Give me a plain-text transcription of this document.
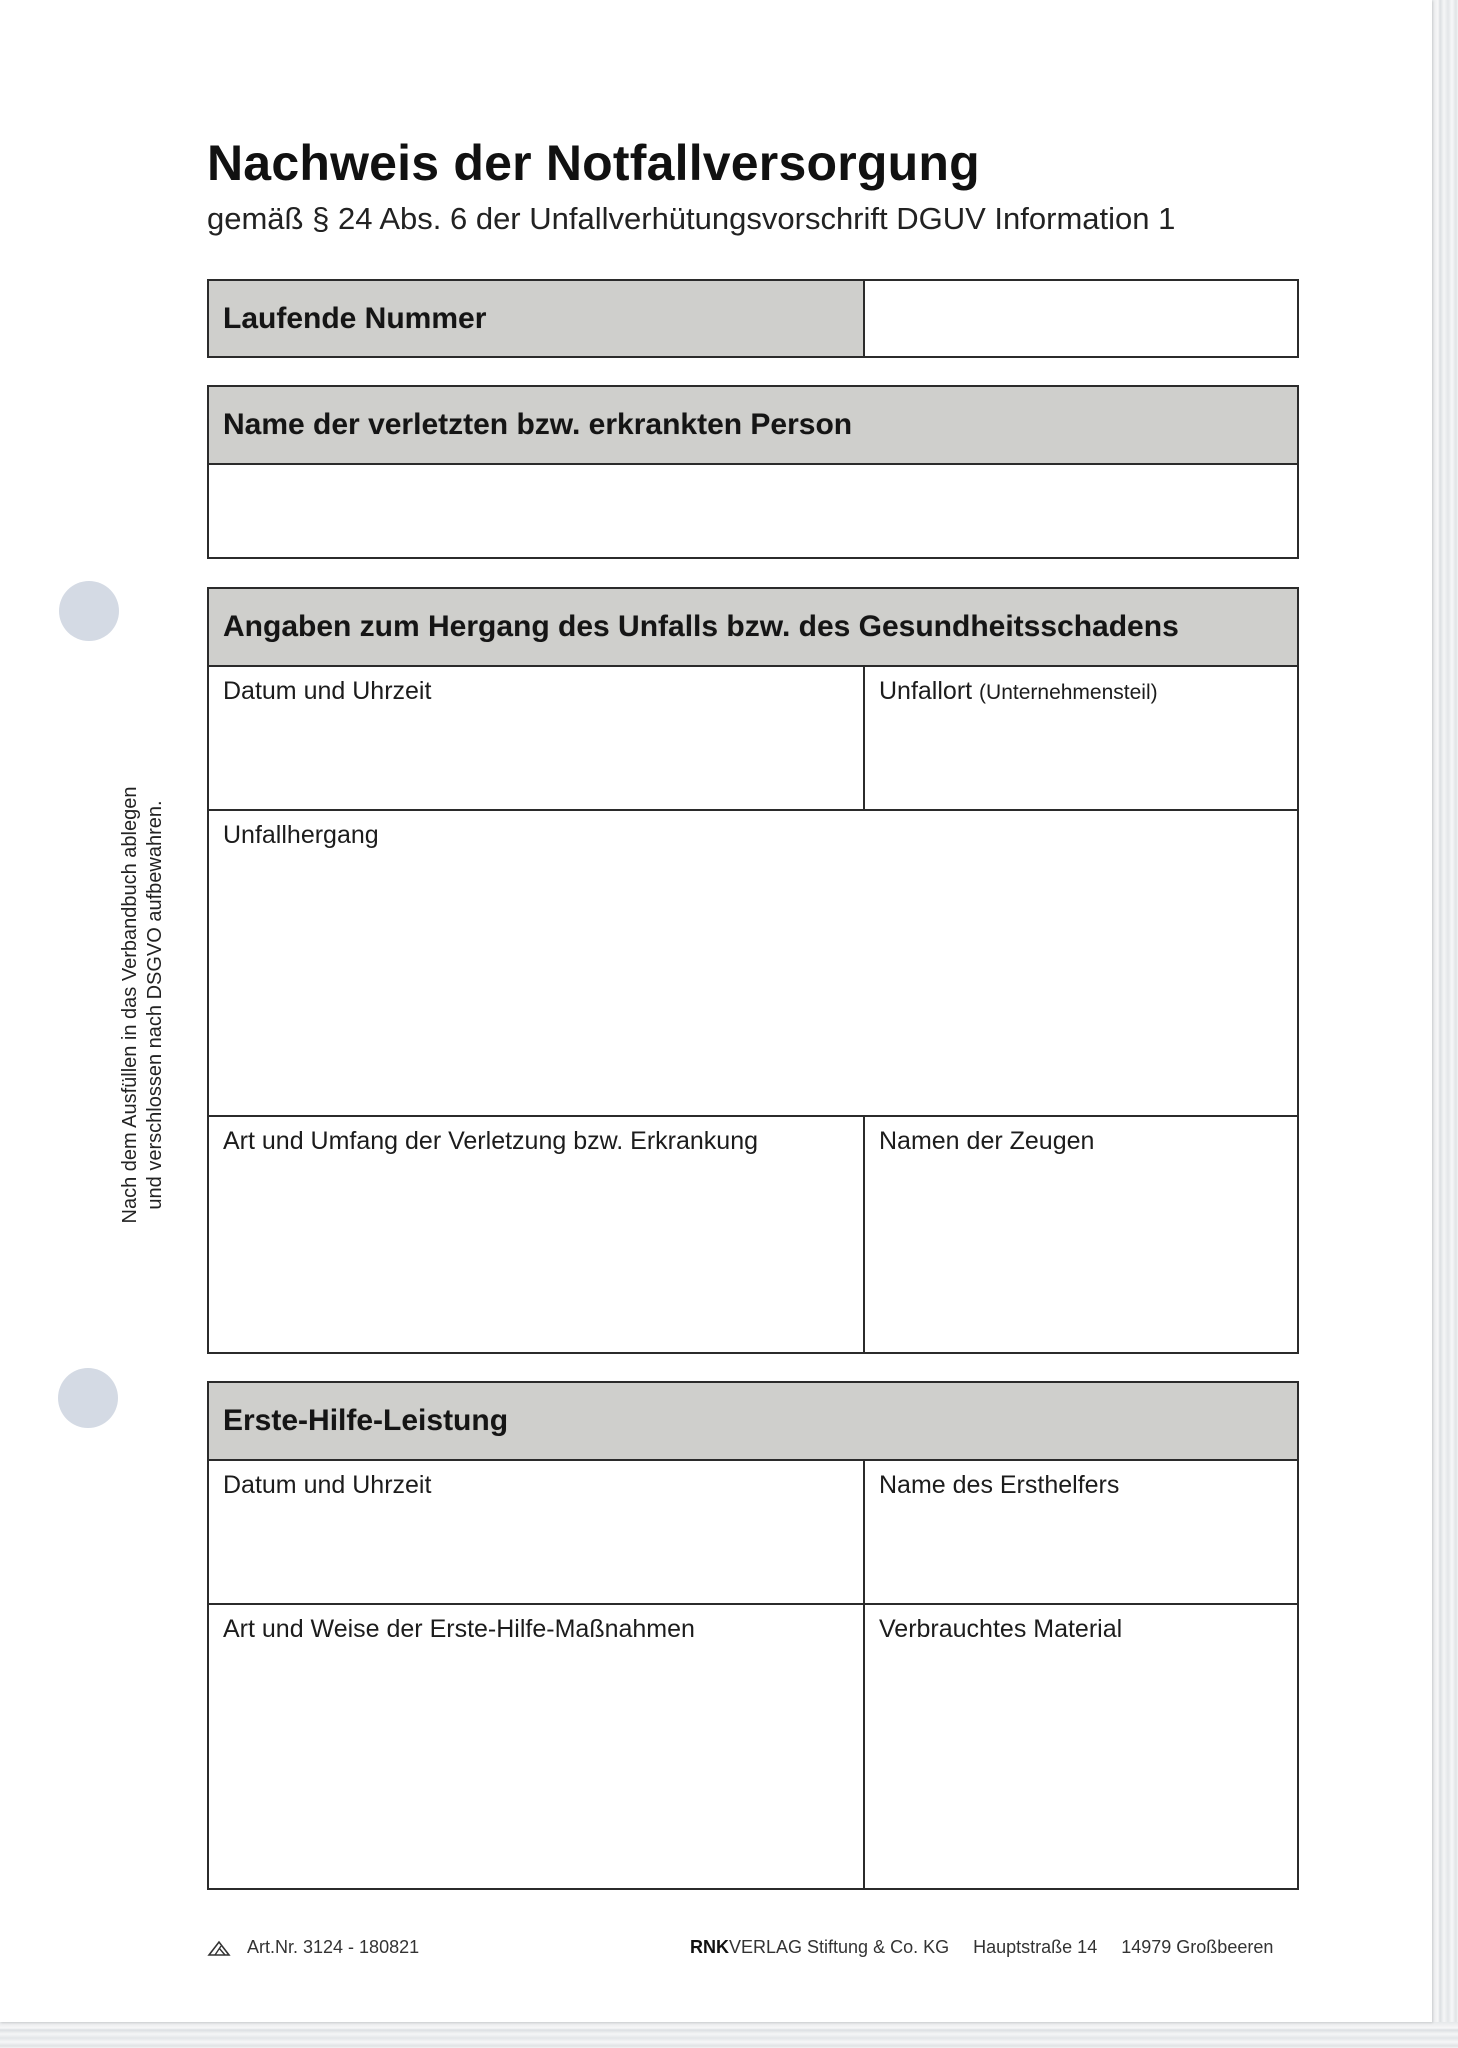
Nach dem Ausfüllen in das Verbandbuch ablegen und verschlossen nach DSGVO aufbewahren.
Nachweis der Notfallversorgung

gemäß § 24 Abs. 6 der Unfallverhütungsvorschrift DGUV Information 1

Laufende Nummer
Name der verletzten bzw. erkrankten Person
Angaben zum Hergang des Unfalls bzw. des Gesundheitsschadens
Datum und Uhrzeit	Unfallort (Unternehmensteil)
Unfallhergang
Art und Umfang der Verletzung bzw. Erkrankung	Namen der Zeugen
Erste-Hilfe-Leistung
Datum und Uhrzeit	Name des Ersthelfers
Art und Weise der Erste-Hilfe-Maßnahmen	Verbrauchtes Material
Art.Nr. 3124 - 180821	RNKVERLAG Stiftung & Co. KG Hauptstraße 14 14979 Großbeeren
